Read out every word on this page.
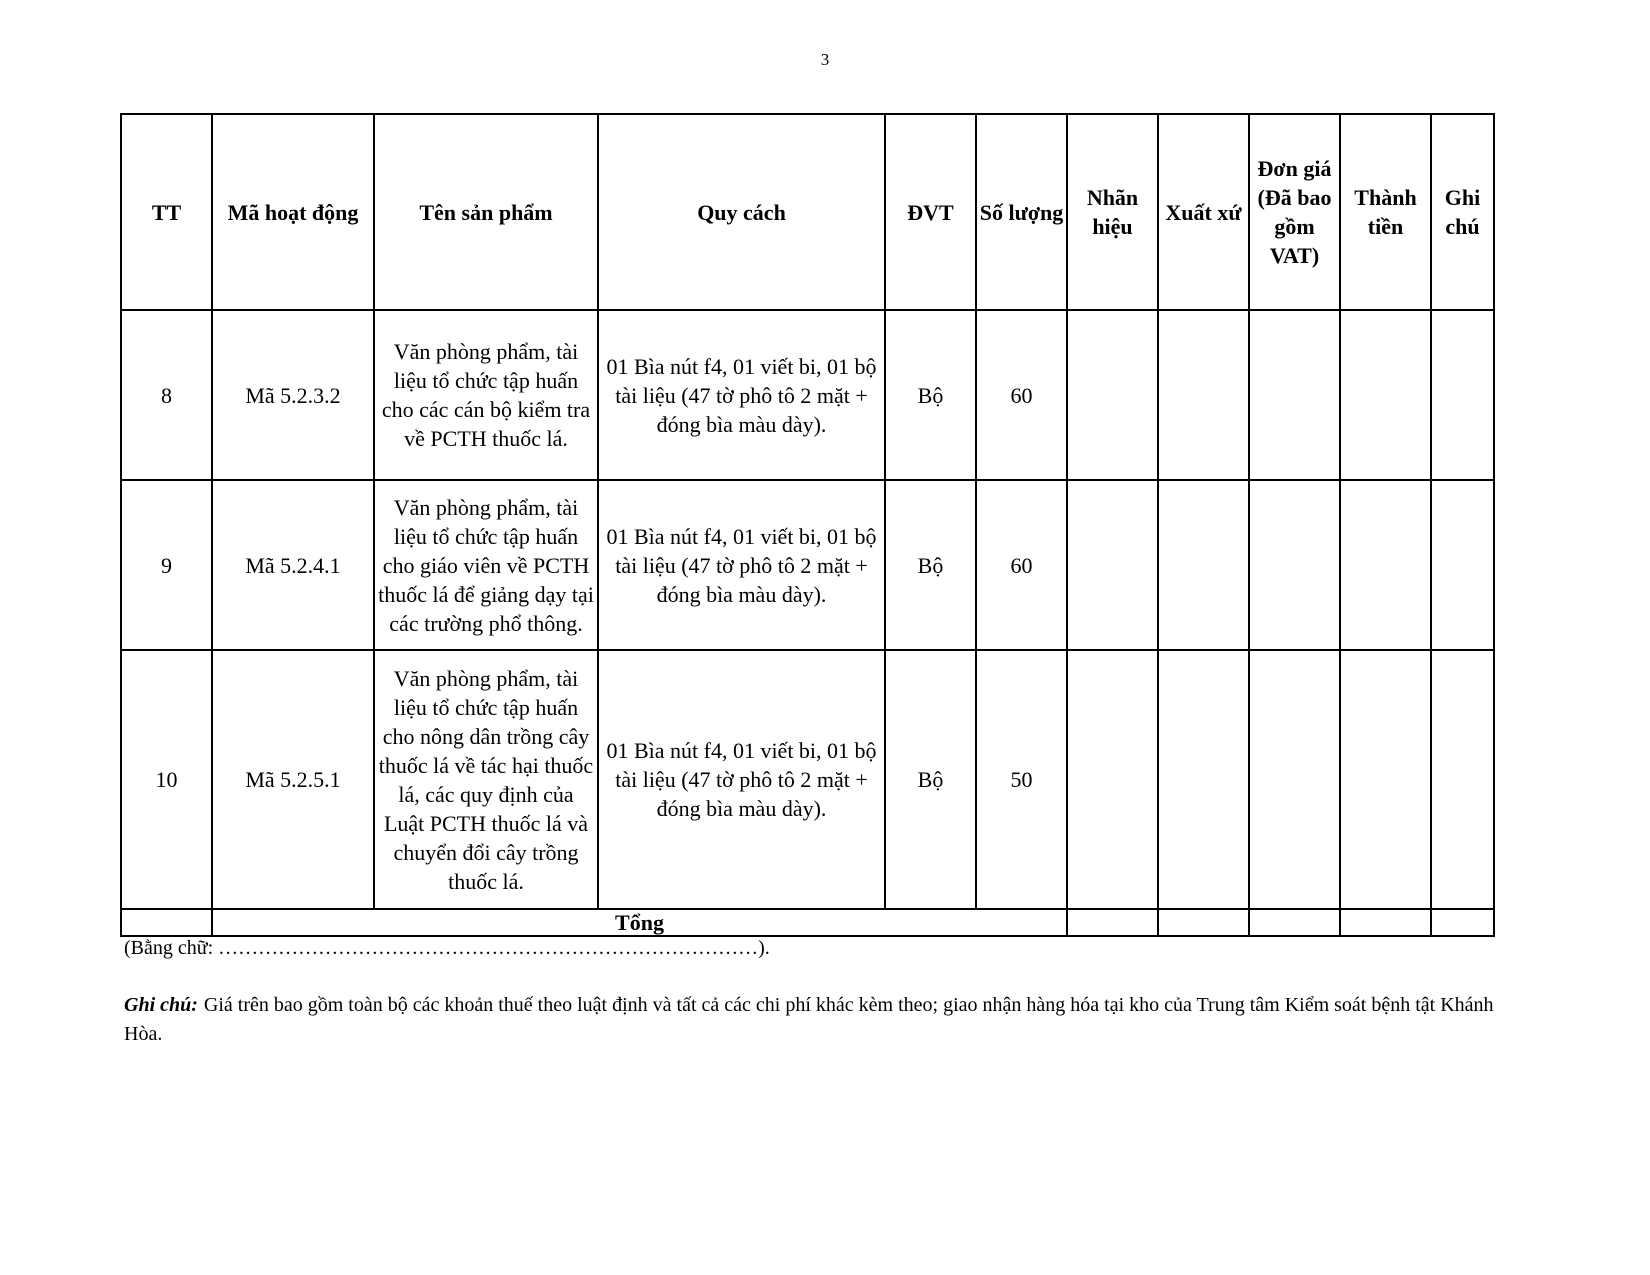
3
TT	Mã hoạt động	Tên sản phẩm	Quy cách	ĐVT	Số lượng	Nhãn hiệu	Xuất xứ	Đơn giá (Đã bao gồm VAT)	Thành tiền	Ghi chú
8	Mã 5.2.3.2	Văn phòng phẩm, tài liệu tổ chức tập huấn cho các cán bộ kiểm tra về PCTH thuốc lá.	01 Bìa nút f4, 01 viết bi, 01 bộ tài liệu (47 tờ phô tô 2 mặt + đóng bìa màu dày).	Bộ	60					
9	Mã 5.2.4.1	Văn phòng phẩm, tài liệu tổ chức tập huấn cho giáo viên về PCTH thuốc lá để giảng dạy tại các trường phổ thông.	01 Bìa nút f4, 01 viết bi, 01 bộ tài liệu (47 tờ phô tô 2 mặt + đóng bìa màu dày).	Bộ	60					
10	Mã 5.2.5.1	Văn phòng phẩm, tài liệu tổ chức tập huấn cho nông dân trồng cây thuốc lá về tác hại thuốc lá, các quy định của Luật PCTH thuốc lá và chuyển đổi cây trồng thuốc lá.	01 Bìa nút f4, 01 viết bi, 01 bộ tài liệu (47 tờ phô tô 2 mặt + đóng bìa màu dày).	Bộ	50					
	Tổng									
(Bằng chữ: ………………………………………………………………………).
Ghi chú: Giá trên bao gồm toàn bộ các khoản thuế theo luật định và tất cả các chi phí khác kèm theo; giao nhận hàng hóa tại kho của Trung tâm Kiểm soát bệnh tật Khánh Hòa.
